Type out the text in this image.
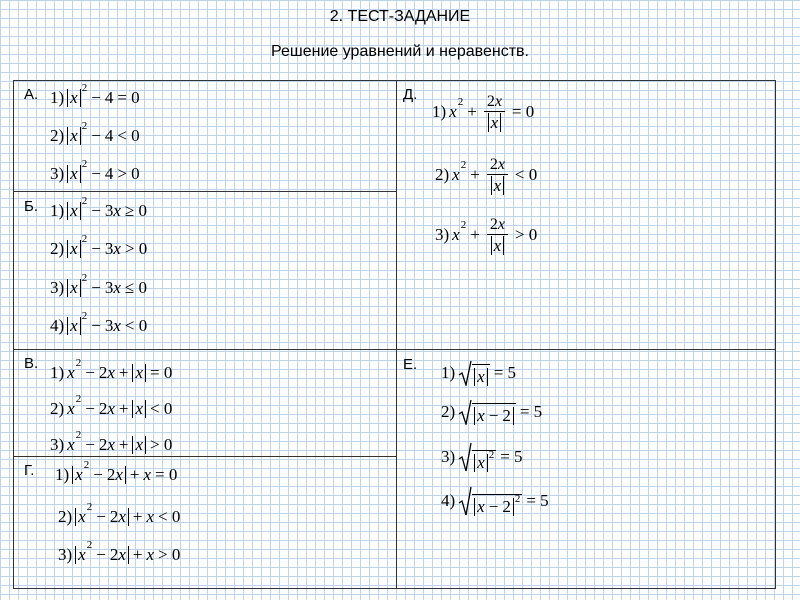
2. ТЕСТ-ЗАДАНИЕ
Решение уравнений и неравенств.
А. 1) x 2 − 4 = 0
2) x 2 − 4 < 0
3) x 2 − 4 > 0
Б. 1) x 2 − 3x ≥ 0
2) x 2 − 3x > 0
3) x 2 − 3x ≤ 0
4) x 2 − 3x < 0
В. 1) x 2 − 2x + x = 0
2) x 2 − 2x + x < 0
3) x 2 − 2x + x > 0
Г. 1) x 2 − 2x + x = 0
2) x 2 − 2x + x < 0
3) x 2 − 2x + x > 0
Д.
1) x $2 + \frac{2x}{x} = 0$
2) x $2 + \frac{2x}{x} < 0$
3) x $2 + \frac{2x}{x} > 0$
Е. 1) x = 5
2) x − 2 = 5
3) x 2 = 5
4) x − 2 2 = 5
